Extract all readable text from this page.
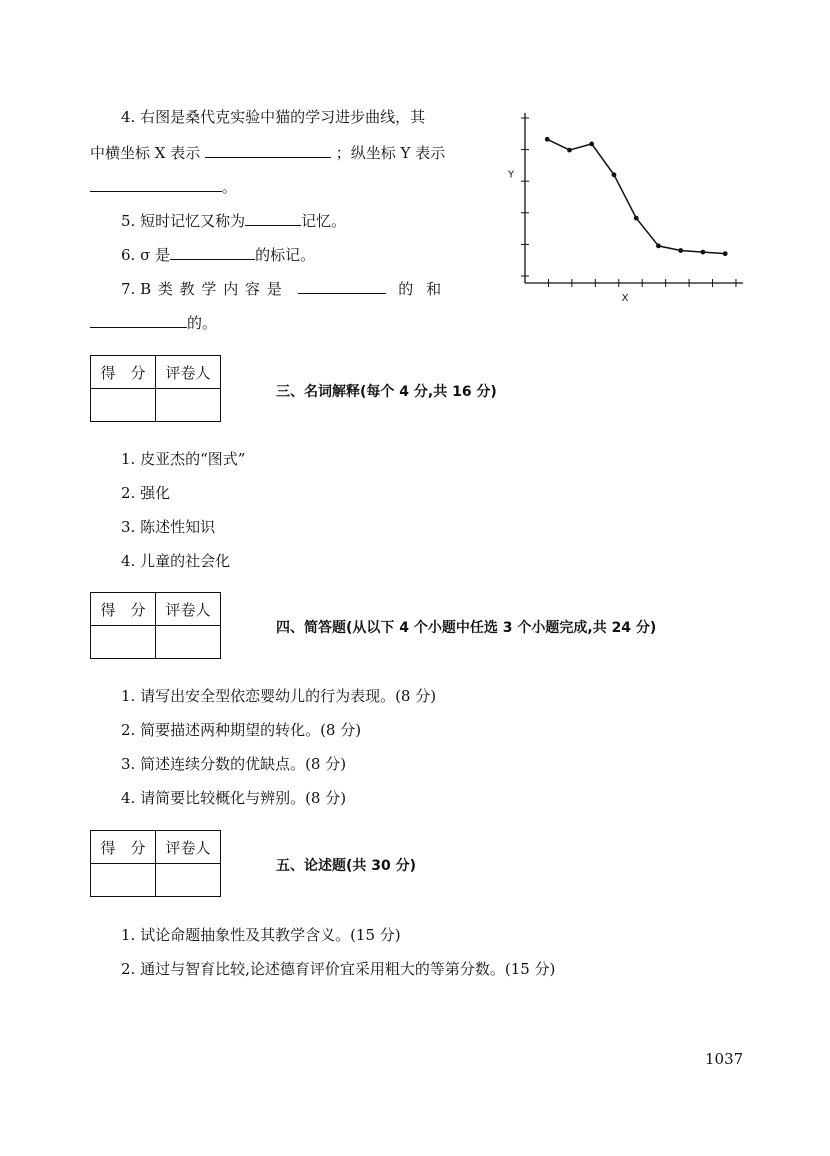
4. 右图是桑代克实验中猫的学习进步曲线，其
中横坐标 X 表示	；纵坐标 Y 表示
。
5. 短时记忆又称为	记忆。
6. σ 是	的标记。
7. B 类 教 学 内 容 是	的 和
的。
Y
X
得　分	评卷人

三、名词解释(每个 4 分,共 16 分)
1. 皮亚杰的“图式”
2. 强化
3. 陈述性知识
4. 儿童的社会化
得　分	评卷人

四、简答题(从以下 4 个小题中任选 3 个小题完成,共 24 分)
1. 请写出安全型依恋婴幼儿的行为表现。(8 分)
2. 简要描述两种期望的转化。(8 分)
3. 简述连续分数的优缺点。(8 分)
4. 请简要比较概化与辨别。(8 分)
得　分	评卷人

五、论述题(共 30 分)
1. 试论命题抽象性及其教学含义。(15 分)
2. 通过与智育比较,论述德育评价宜采用粗大的等第分数。(15 分)
1037
